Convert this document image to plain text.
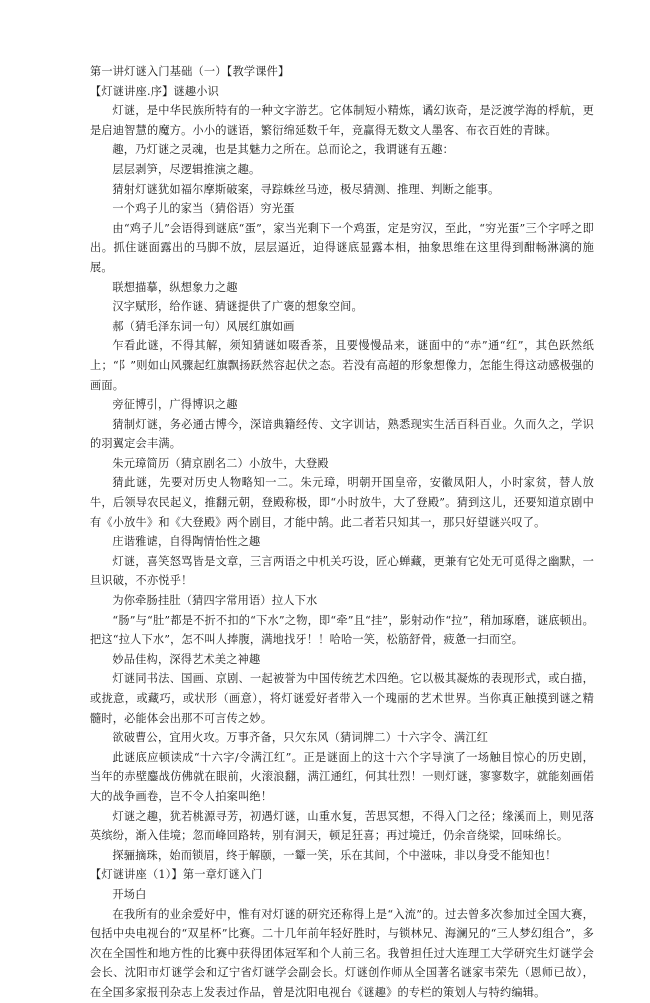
第一讲灯谜入门基础（一）【教学课件】

【灯谜讲座.序】谜趣小识

灯谜，是中华民族所特有的一种文字游艺。它体制短小精炼，谲幻诙奇，是泛渡学海的桴航，更是启迪智慧的魔方。小小的谜语，繁衍绵延数千年，竞赢得无数文人墨客、布衣百姓的青睐。

趣，乃灯谜之灵魂，也是其魅力之所在。总而论之，我谓谜有五趣：

层层剥笋，尽逻辑推演之趣。

猜射灯谜犹如福尔摩斯破案，寻踪蛛丝马迹，极尽猜测、推理、判断之能事。

一个鸡子儿的家当（猜俗语）穷光蛋

由“鸡子儿”会语得到谜底“蛋”，家当光剩下一个鸡蛋，定是穷汉，至此，“穷光蛋”三个字呼之即出。抓住谜面露出的马脚不放，层层逼近，迫得谜底显露本相，抽象思维在这里得到酣畅淋漓的施展。

联想描摹，纵想象力之趣

汉字赋形，给作谜、猜谜提供了广褒的想象空间。

郝（猜毛泽东词一句）风展红旗如画

乍看此谜，不得其解，须知猜谜如啜香茶，且要慢慢品来，谜面中的“赤”通“红”，其色跃然纸上；“阝”则如山风骤起红旗飘扬跃然容起伏之态。若没有高超的形象想像力，怎能生得这动感极强的画面。

旁征博引，广得博识之趣

猜制灯谜，务必通古博今，深谙典籍经传、文字训诂，熟悉现实生活百科百业。久而久之，学识的羽翼定会丰满。

朱元璋简历（猜京剧名二）小放牛，大登殿

猜此谜，先要对历史人物略知一二。朱元璋，明朝开国皇帝，安徽凤阳人，小时家贫，替人放牛，后领导农民起义，推翻元朝，登殿称极，即“小时放牛，大了登殿”。猜到这儿，还要知道京剧中有《小放牛》和《大登殿》两个剧目，才能中鹄。此二者若只知其一，那只好望谜兴叹了。

庄谐雅谑，自得陶情怡性之趣

灯谜，喜笑怒骂皆是文章，三言两语之中机关巧设，匠心蝉藏，更兼有它处无可觅得之幽默，一旦识破，不亦悦乎！

为你牵肠挂肚（猜四字常用语）拉人下水

“肠”与“肚”都是不折不扣的“下水”之物，即“牵”且“挂”，影射动作“拉”，稍加琢磨，谜底顿出。把这“拉人下水”，怎不叫人捧腹，满地找牙！！哈哈一笑，松筋舒骨，疲惫一扫而空。

妙品佳构，深得艺术美之神趣

灯谜同书法、国画、京剧、一起被誉为中国传统艺术四绝。它以极其凝炼的表现形式，或白描，或拢意，或藏巧，或状形（画意），将灯谜爱好者带入一个瑰丽的艺术世界。当你真正触摸到谜之精髓时，必能体会出那不可言传之妙。

欲破曹公，宜用火攻。万事齐备，只欠东风（猜词牌二）十六字令、满江红

此谜底应顿读成“十六字/令满江红”。正是谜面上的这十六个字导演了一场触目惊心的历史剧，当年的赤壁鏖战仿佛就在眼前，火滚浪翻，满江通红，何其壮烈！一则灯谜，寥寥数字，就能刻画偌大的战争画卷，岂不令人拍案叫绝！

灯谜之趣，犹若桃源寻芳，初遇灯谜，山重水复，苦思冥想，不得入门之径；缘溪而上，则见落英缤纷，渐入佳境；忽而峰回路转，别有洞天，顿足狂喜；再过境迁，仍余音绕梁，回味绵长。

探骊摘珠，始而锁眉，终于解颐，一颦一笑，乐在其间，个中滋味，非以身受不能知也！

【灯谜讲座（1）】第一章灯谜入门

开场白

在我所有的业余爱好中，惟有对灯谜的研究还称得上是“入流”的。过去曾多次参加过全国大赛，包括中央电视台的“双星杯”比赛。二十几年前年轻好胜时，与锁林兄、海澜兄的“三人梦幻组合”，多次在全国性和地方性的比赛中获得团体冠军和个人前三名。我曾担任过大连理工大学研究生灯谜学会会长、沈阳市灯谜学会和辽宁省灯谜学会副会长。灯谜创作师从全国著名谜家韦荣先（恩师已故），在全国多家报刊杂志上发表过作品，曾是沈阳电视台《谜趣》的专栏的策划人与特约编辑。
